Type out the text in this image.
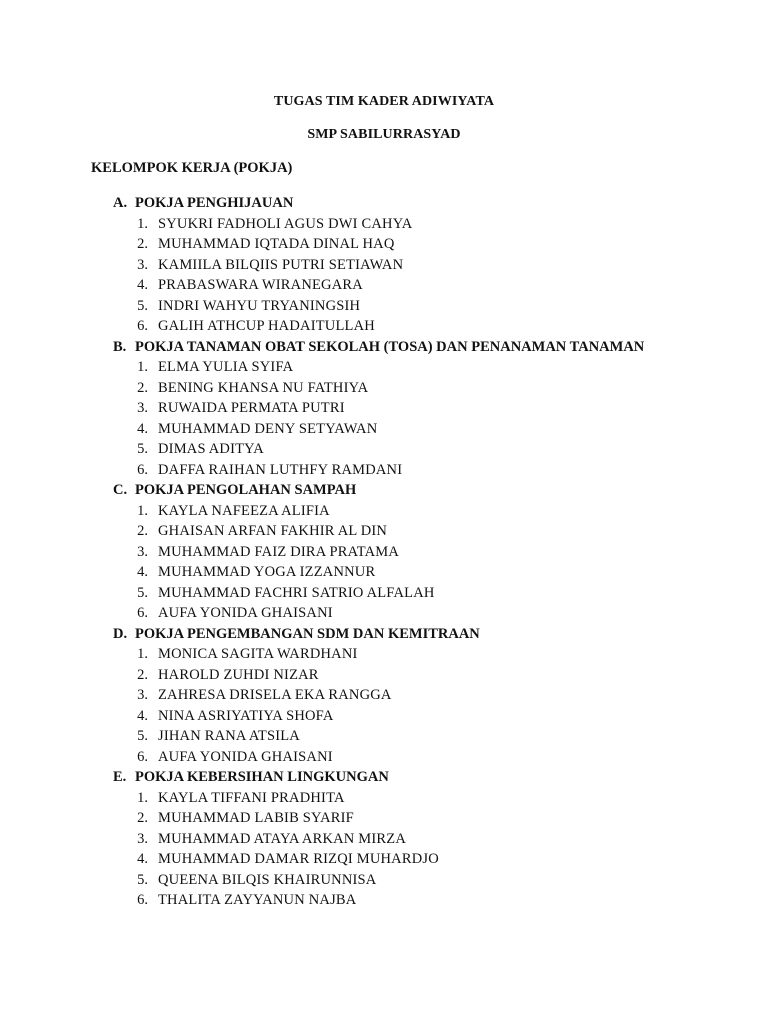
TUGAS TIM KADER ADIWIYATA
SMP SABILURRASYAD
KELOMPOK KERJA (POKJA)
A. POKJA PENGHIJAUAN
1. SYUKRI FADHOLI AGUS DWI CAHYA
2. MUHAMMAD IQTADA DINAL HAQ
3. KAMIILA BILQIIS PUTRI SETIAWAN
4. PRABASWARA WIRANEGARA
5. INDRI WAHYU TRYANINGSIH
6. GALIH ATHCUP HADAITULLAH
B. POKJA TANAMAN OBAT SEKOLAH (TOSA) DAN PENANAMAN TANAMAN
1. ELMA YULIA SYIFA
2. BENING KHANSA NU FATHIYA
3. RUWAIDA PERMATA PUTRI
4. MUHAMMAD DENY SETYAWAN
5. DIMAS ADITYA
6. DAFFA RAIHAN LUTHFY RAMDANI
C. POKJA PENGOLAHAN SAMPAH
1. KAYLA NAFEEZA ALIFIA
2. GHAISAN ARFAN FAKHIR AL DIN
3. MUHAMMAD FAIZ DIRA PRATAMA
4. MUHAMMAD YOGA IZZANNUR
5. MUHAMMAD FACHRI SATRIO ALFALAH
6. AUFA YONIDA GHAISANI
D. POKJA PENGEMBANGAN SDM DAN KEMITRAAN
1. MONICA SAGITA WARDHANI
2. HAROLD ZUHDI NIZAR
3. ZAHRESA DRISELA EKA RANGGA
4. NINA ASRIYATIYA SHOFA
5. JIHAN RANA ATSILA
6. AUFA YONIDA GHAISANI
E. POKJA KEBERSIHAN LINGKUNGAN
1. KAYLA TIFFANI PRADHITA
2. MUHAMMAD LABIB SYARIF
3. MUHAMMAD ATAYA ARKAN MIRZA
4. MUHAMMAD DAMAR RIZQI MUHARDJO
5. QUEENA BILQIS KHAIRUNNISA
6. THALITA ZAYYANUN NAJBA
